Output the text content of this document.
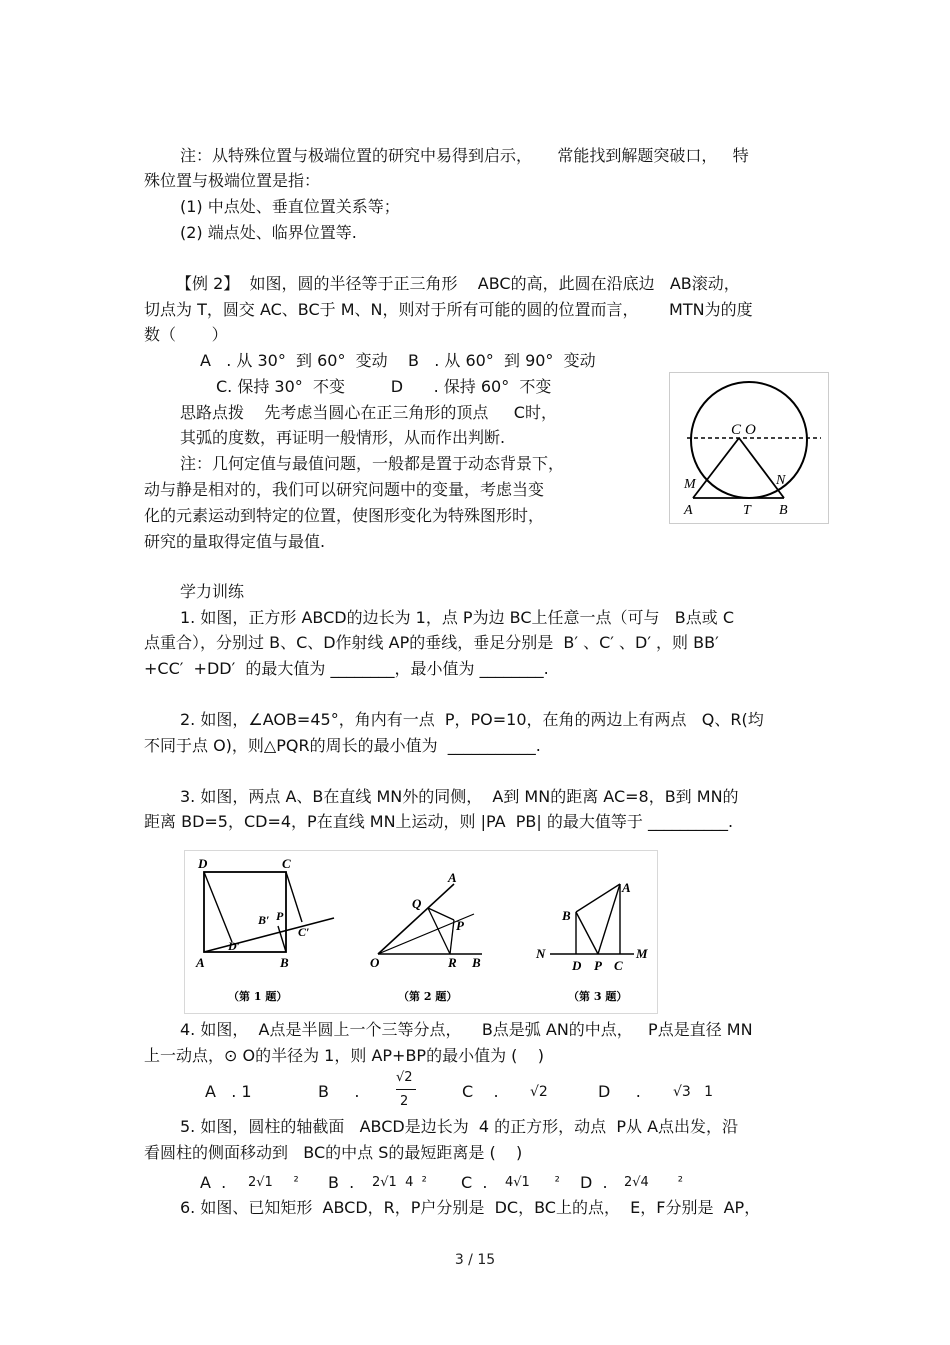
注：从特殊位置与极端位置的研究中易得到启示，     常能找到解题突破口，   特
殊位置与极端位置是指：
(1) 中点处、垂直位置关系等；
(2) 端点处、临界位置等.
【例 2】  如图，圆的半径等于正三角形    ABC的高，此圆在沿底边   AB滚动，
切点为 T，圆交 AC、BC于 M、N，则对于所有可能的圆的位置而言，      MTN为的度
数（       ）
A   . 从 30°  到 60°  变动    B   . 从 60°  到 90°  变动
C. 保持 30°  不变         D      . 保持 60°  不变
思路点拨    先考虑当圆心在正三角形的顶点     C时，
其弧的度数，再证明一般情形，从而作出判断.
注：几何定值与最值问题，一般都是置于动态背景下，
动与静是相对的，我们可以研究问题中的变量，考虑当变
化的元素运动到特定的位置，使图形变化为特殊图形时，
研究的量取得定值与最值.
C O
M	N
A	T B
学力训练
1. 如图，正方形 ABCD的边长为 1，点 P为边 BC上任意一点（可与   B点或 C
点重合），分别过 B、C、D作射线 AP的垂线，垂足分别是  B′ 、C′ 、D′ ，则 BB′
+CC′  +DD′  的最大值为 ________，最小值为 ________.
2. 如图，∠AOB=45°，角内有一点  P，PO=10，在角的两边上有两点   Q、R(均
不同于点 O)，则△PQR的周长的最小值为  ___________.
3. 如图，两点 A、B在直线 MN外的同侧，  A到 MN的距离 AC=8，B到 MN的
距离 BD=5，CD=4，P在直线 MN上运动，则 |PA  PB| 的最大值等于 __________.
D	C
A	B
B′ P
C′
D′
（第 1 题）
A
Q
P
O	R B
（第 2 题）
A
B
N
D P C
M
（第 3 题）
4. 如图，  A点是半圆上一个三等分点，    B点是弧 AN的中点，   P点是直径 MN
上一动点，⊙ O的半径为 1，则 AP+BP的最小值为 (    )
A   . 1	B     .
√2
2
C    . √2	D     . √3   1
5. 如图，圆柱的轴截面   ABCD是边长为  4 的正方形，动点  P从 A点出发，沿
看圆柱的侧面移动到   BC的中点 S的最短距离是 (    )
A  . 2√1     ² B  . 2√1  4  ² C  . 4√1      ² D  . 2√4       ²
6. 如图、已知矩形  ABCD，R，P户分别是  DC，BC上的点，  E，F分别是  AP，
3 / 15
